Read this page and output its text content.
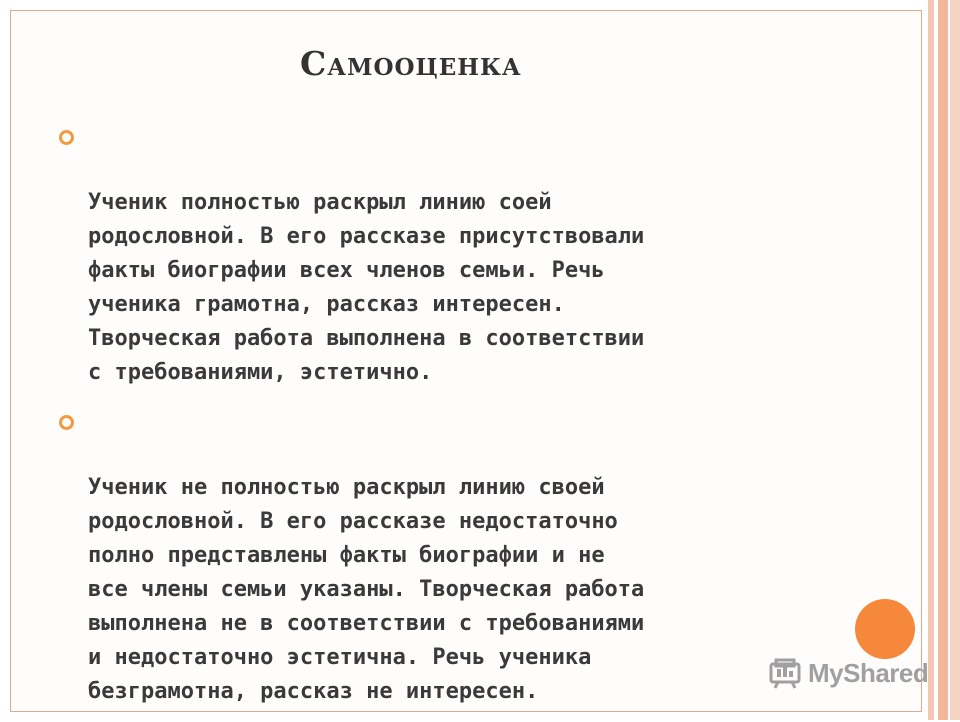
Самооценка

Ученик полностью раскрыл линию соей
родословной. В его рассказе присутствовали
факты биографии всех членов семьи. Речь
ученика грамотна, рассказ интересен.
Творческая работа выполнена в соответствии
с требованиями, эстетично.

Ученик не полностью раскрыл линию своей
родословной. В его рассказе недостаточно
полно представлены факты биографии и не
все члены семьи указаны. Творческая работа
выполнена не в соответствии с требованиями
и недостаточно эстетична. Речь ученика
безграмотна, рассказ не интересен.

MyShared
